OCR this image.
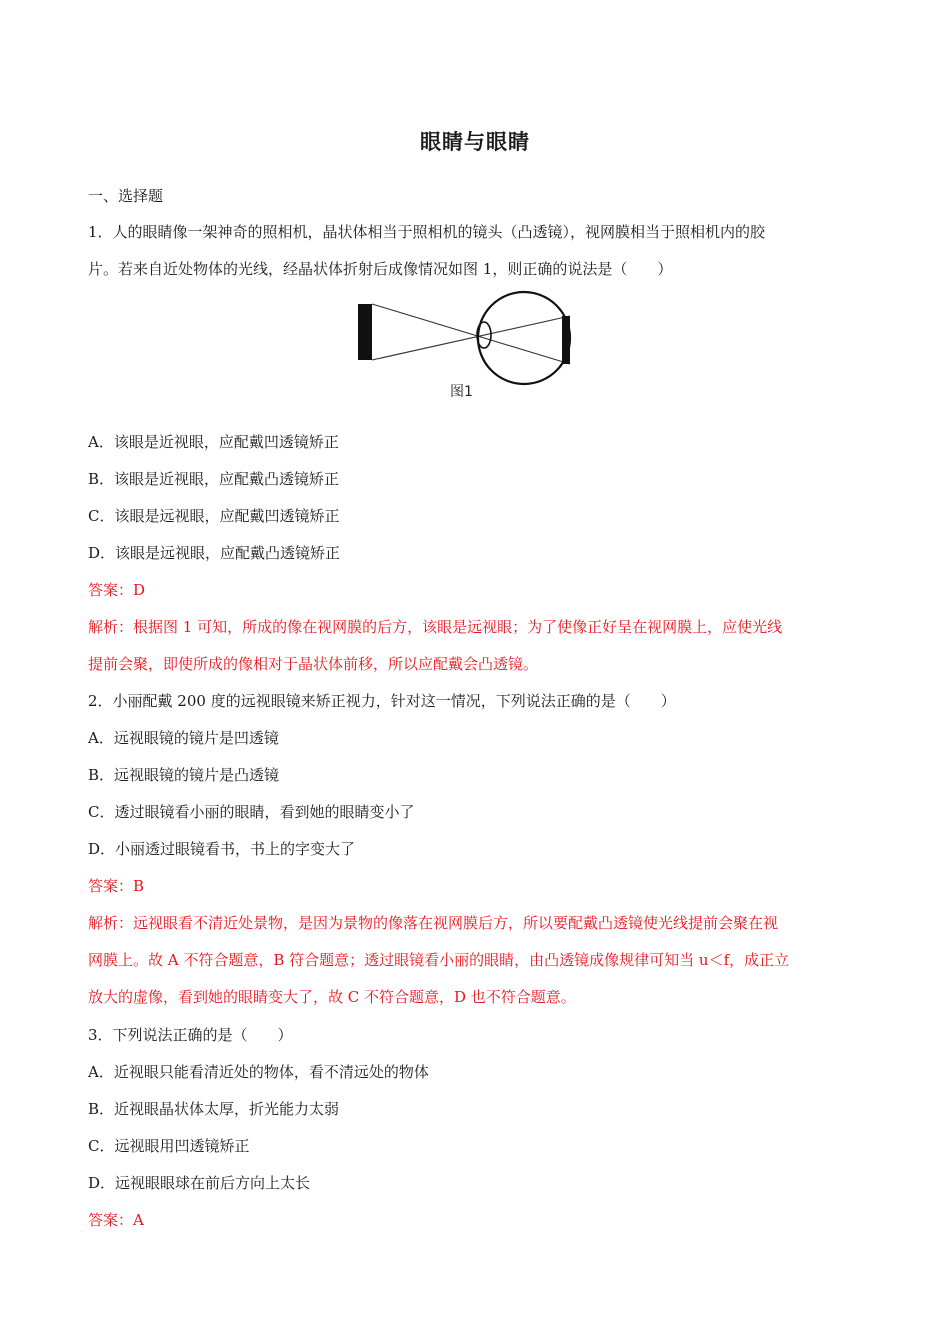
眼睛与眼睛
一、选择题
1．人的眼睛像一架神奇的照相机，晶状体相当于照相机的镜头（凸透镜），视网膜相当于照相机内的胶
片。若来自近处物体的光线，经晶状体折射后成像情况如图 1，则正确的说法是（　　）
图1
A．该眼是近视眼，应配戴凹透镜矫正
B．该眼是近视眼，应配戴凸透镜矫正
C．该眼是远视眼，应配戴凹透镜矫正
D．该眼是远视眼，应配戴凸透镜矫正
答案：D
解析：根据图 1 可知，所成的像在视网膜的后方，该眼是远视眼；为了使像正好呈在视网膜上，应使光线
提前会聚，即使所成的像相对于晶状体前移，所以应配戴会凸透镜。
2．小丽配戴 200 度的远视眼镜来矫正视力，针对这一情况，下列说法正确的是（　　）
A．远视眼镜的镜片是凹透镜
B．远视眼镜的镜片是凸透镜
C．透过眼镜看小丽的眼睛，看到她的眼睛变小了
D．小丽透过眼镜看书，书上的字变大了
答案：B
解析：远视眼看不清近处景物，是因为景物的像落在视网膜后方，所以要配戴凸透镜使光线提前会聚在视
网膜上。故 A 不符合题意，B 符合题意；透过眼镜看小丽的眼睛，由凸透镜成像规律可知当 u＜f，成正立
放大的虚像，看到她的眼睛变大了，故 C 不符合题意，D 也不符合题意。
3．下列说法正确的是（　　）
A．近视眼只能看清近处的物体，看不清远处的物体
B．近视眼晶状体太厚，折光能力太弱
C．远视眼用凹透镜矫正
D．远视眼眼球在前后方向上太长
答案：A
